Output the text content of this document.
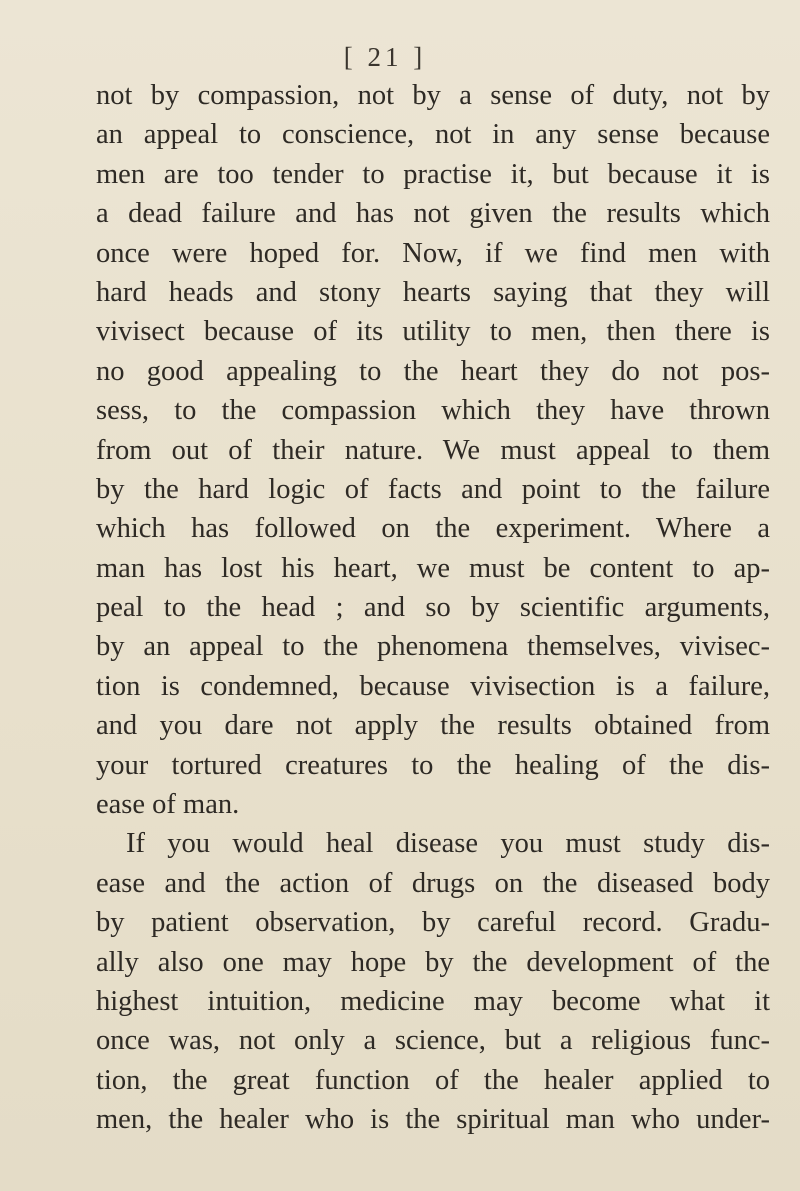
[ 21 ]
not by compassion, not by a sense of duty, not by
an appeal to conscience, not in any sense because
men are too tender to practise it, but because it is
a dead failure and has not given the results which
once were hoped for. Now, if we find men with
hard heads and stony hearts saying that they will
vivisect because of its utility to men, then there is
no good appealing to the heart they do not pos-
sess, to the compassion which they have thrown
from out of their nature. We must appeal to them
by the hard logic of facts and point to the failure
which has followed on the experiment. Where a
man has lost his heart, we must be content to ap-
peal to the head ; and so by scientific arguments,
by an appeal to the phenomena themselves, vivisec-
tion is condemned, because vivisection is a failure,
and you dare not apply the results obtained from
your tortured creatures to the healing of the dis-
ease of man.
If you would heal disease you must study dis-
ease and the action of drugs on the diseased body
by patient observation, by careful record. Gradu-
ally also one may hope by the development of the
highest intuition, medicine may become what it
once was, not only a science, but a religious func-
tion, the great function of the healer applied to
men, the healer who is the spiritual man who under-
